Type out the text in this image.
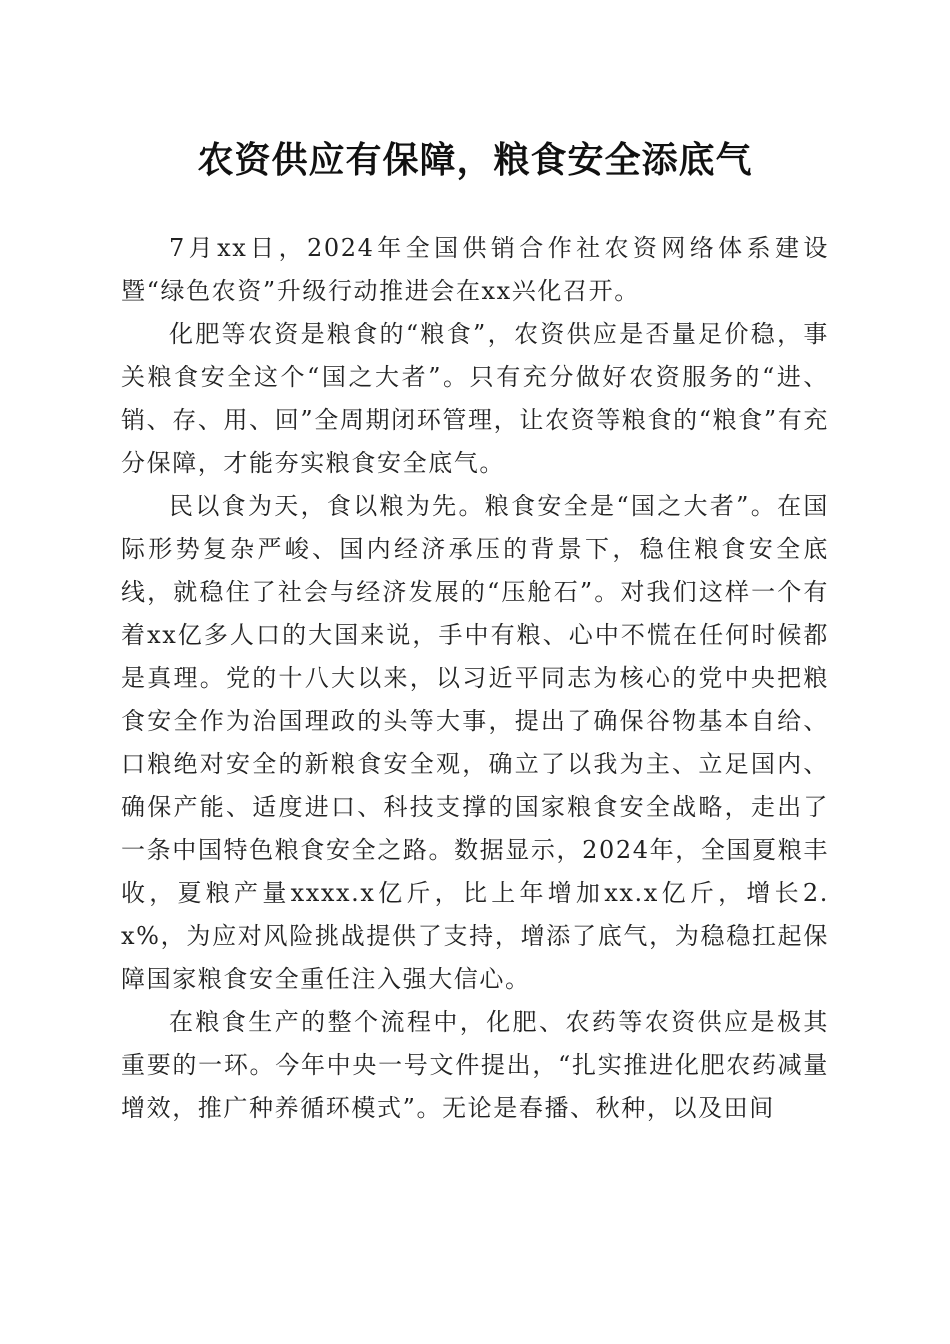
农资供应有保障，粮食安全添底气

7月xx日，2024年全国供销合作社农资网络体系建设暨“绿色农资”升级行动推进会在xx兴化召开。

化肥等农资是粮食的“粮食”，农资供应是否量足价稳，事关粮食安全这个“国之大者”。只有充分做好农资服务的“进、销、存、用、回”全周期闭环管理，让农资等粮食的“粮食”有充分保障，才能夯实粮食安全底气。

民以食为天，食以粮为先。粮食安全是“国之大者”。在国际形势复杂严峻、国内经济承压的背景下，稳住粮食安全底线，就稳住了社会与经济发展的“压舱石”。对我们这样一个有着xx亿多人口的大国来说，手中有粮、心中不慌在任何时候都是真理。党的十八大以来，以习近平同志为核心的党中央把粮食安全作为治国理政的头等大事，提出了确保谷物基本自给、口粮绝对安全的新粮食安全观，确立了以我为主、立足国内、确保产能、适度进口、科技支撑的国家粮食安全战略，走出了一条中国特色粮食安全之路。数据显示，2024年，全国夏粮丰收，夏粮产量xxxx.x亿斤，比上年增加xx.x亿斤，增长2.x%，为应对风险挑战提供了支持，增添了底气，为稳稳扛起保障国家粮食安全重任注入强大信心。

在粮食生产的整个流程中，化肥、农药等农资供应是极其重要的一环。今年中央一号文件提出，“扎实推进化肥农药减量增效，推广种养循环模式”。无论是春播、秋种，以及田间
